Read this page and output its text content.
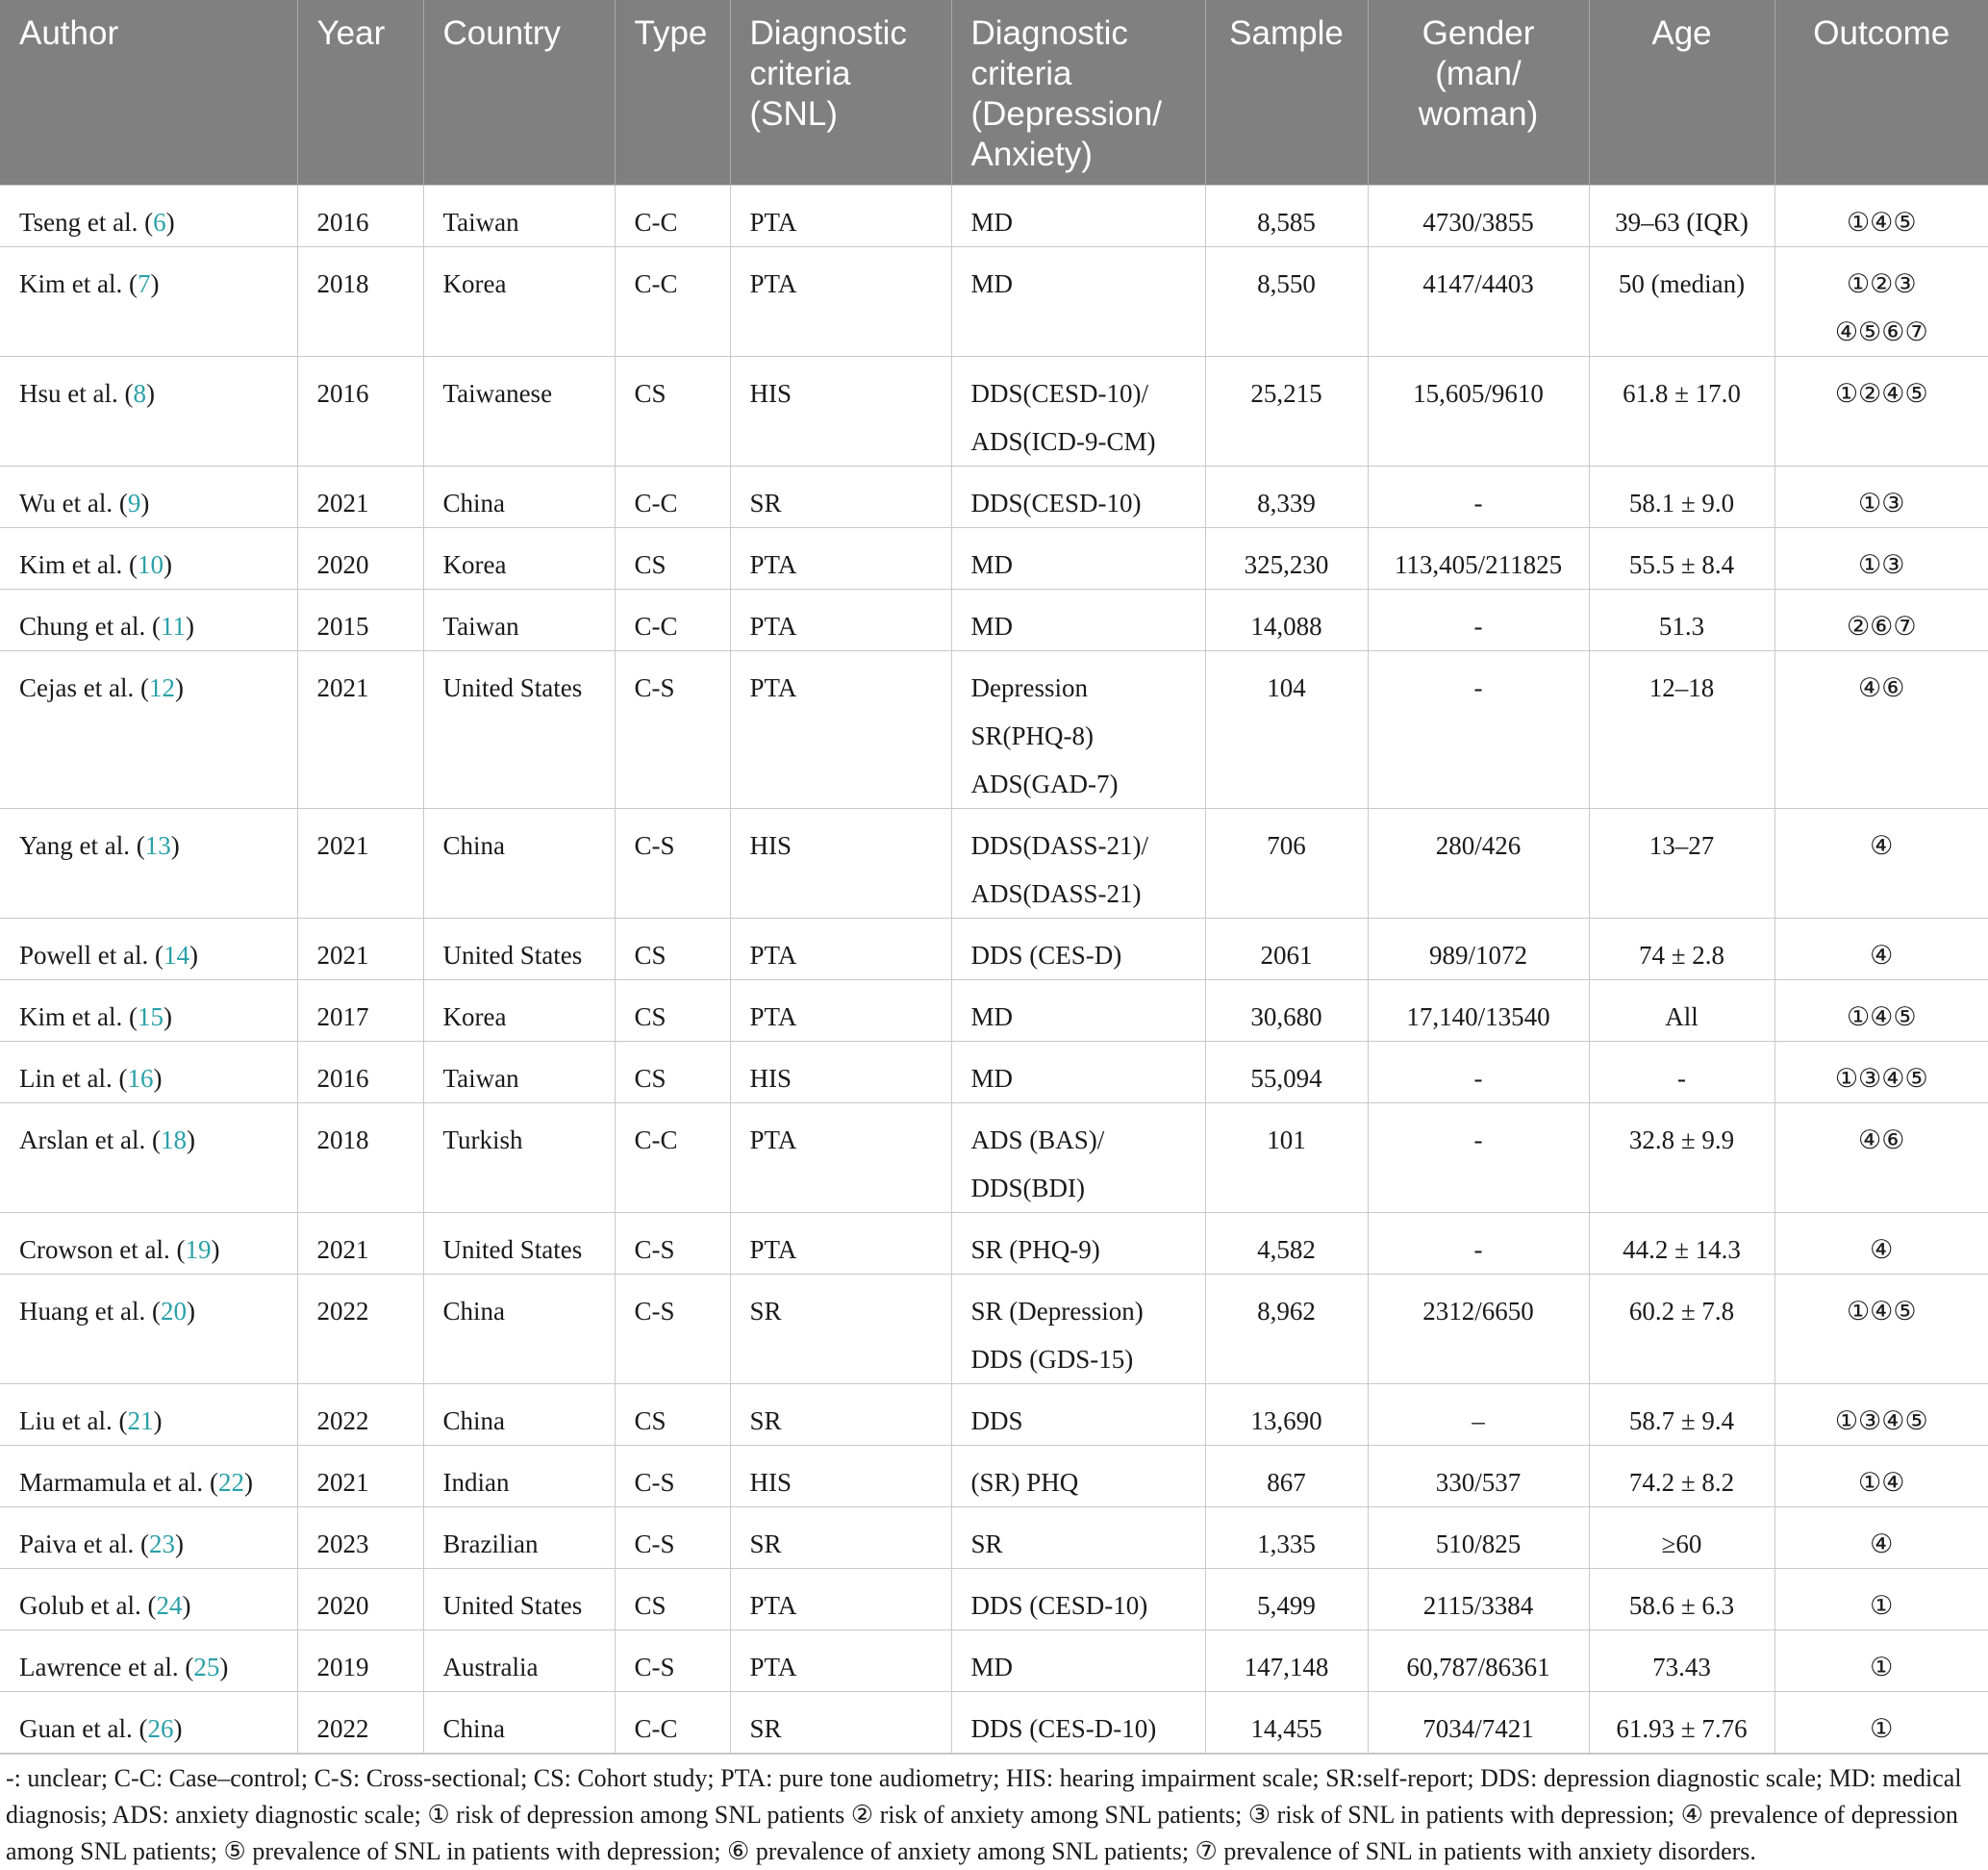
Author	Year	Country	Type	Diagnostic
criteria
(SNL)	Diagnostic
criteria
(Depression/
Anxiety)	Sample	Gender
(man/
woman)	Age	Outcome

Tseng et al. (6)	2016	Taiwan	C-C	PTA	MD	8,585	4730/3855	39–63 (IQR)	①④⑤

Kim et al. (7)	2018	Korea	C-C	PTA	MD	8,550	4147/4403	50 (median)	①②③
④⑤⑥⑦

Hsu et al. (8)	2016	Taiwanese	CS	HIS	DDS(CESD-10)/
ADS(ICD-9-CM)	25,215	15,605/9610	61.8 ± 17.0	①②④⑤

Wu et al. (9)	2021	China	C-C	SR	DDS(CESD-10)	8,339	-	58.1 ± 9.0	①③

Kim et al. (10)	2020	Korea	CS	PTA	MD	325,230	113,405/211825	55.5 ± 8.4	①③

Chung et al. (11)	2015	Taiwan	C-C	PTA	MD	14,088	-	51.3	②⑥⑦

Cejas et al. (12)	2021	United States	C-S	PTA	Depression
SR(PHQ-8)
ADS(GAD-7)	104	-	12–18	④⑥

Yang et al. (13)	2021	China	C-S	HIS	DDS(DASS-21)/
ADS(DASS-21)	706	280/426	13–27	④

Powell et al. (14)	2021	United States	CS	PTA	DDS (CES-D)	2061	989/1072	74 ± 2.8	④

Kim et al. (15)	2017	Korea	CS	PTA	MD	30,680	17,140/13540	All	①④⑤

Lin et al. (16)	2016	Taiwan	CS	HIS	MD	55,094	-	-	①③④⑤

Arslan et al. (18)	2018	Turkish	C-C	PTA	ADS (BAS)/
DDS(BDI)	101	-	32.8 ± 9.9	④⑥

Crowson et al. (19)	2021	United States	C-S	PTA	SR (PHQ-9)	4,582	-	44.2 ± 14.3	④

Huang et al. (20)	2022	China	C-S	SR	SR (Depression)
DDS (GDS-15)	8,962	2312/6650	60.2 ± 7.8	①④⑤

Liu et al. (21)	2022	China	CS	SR	DDS	13,690	–	58.7 ± 9.4	①③④⑤

Marmamula et al. (22)	2021	Indian	C-S	HIS	(SR) PHQ	867	330/537	74.2 ± 8.2	①④

Paiva et al. (23)	2023	Brazilian	C-S	SR	SR	1,335	510/825	≥60	④

Golub et al. (24)	2020	United States	CS	PTA	DDS (CESD-10)	5,499	2115/3384	58.6 ± 6.3	①

Lawrence et al. (25)	2019	Australia	C-S	PTA	MD	147,148	60,787/86361	73.43	①

Guan et al. (26)	2022	China	C-C	SR	DDS (CES-D-10)	14,455	7034/7421	61.93 ± 7.76	①
-: unclear; C-C: Case–control; C-S: Cross-sectional; CS: Cohort study; PTA: pure tone audiometry; HIS: hearing impairment scale; SR:self-report; DDS: depression diagnostic scale; MD: medical diagnosis; ADS: anxiety diagnostic scale; ① risk of depression among SNL patients ② risk of anxiety among SNL patients; ③ risk of SNL in patients with depression; ④ prevalence of depression among SNL patients; ⑤ prevalence of SNL in patients with depression; ⑥ prevalence of anxiety among SNL patients; ⑦ prevalence of SNL in patients with anxiety disorders.
